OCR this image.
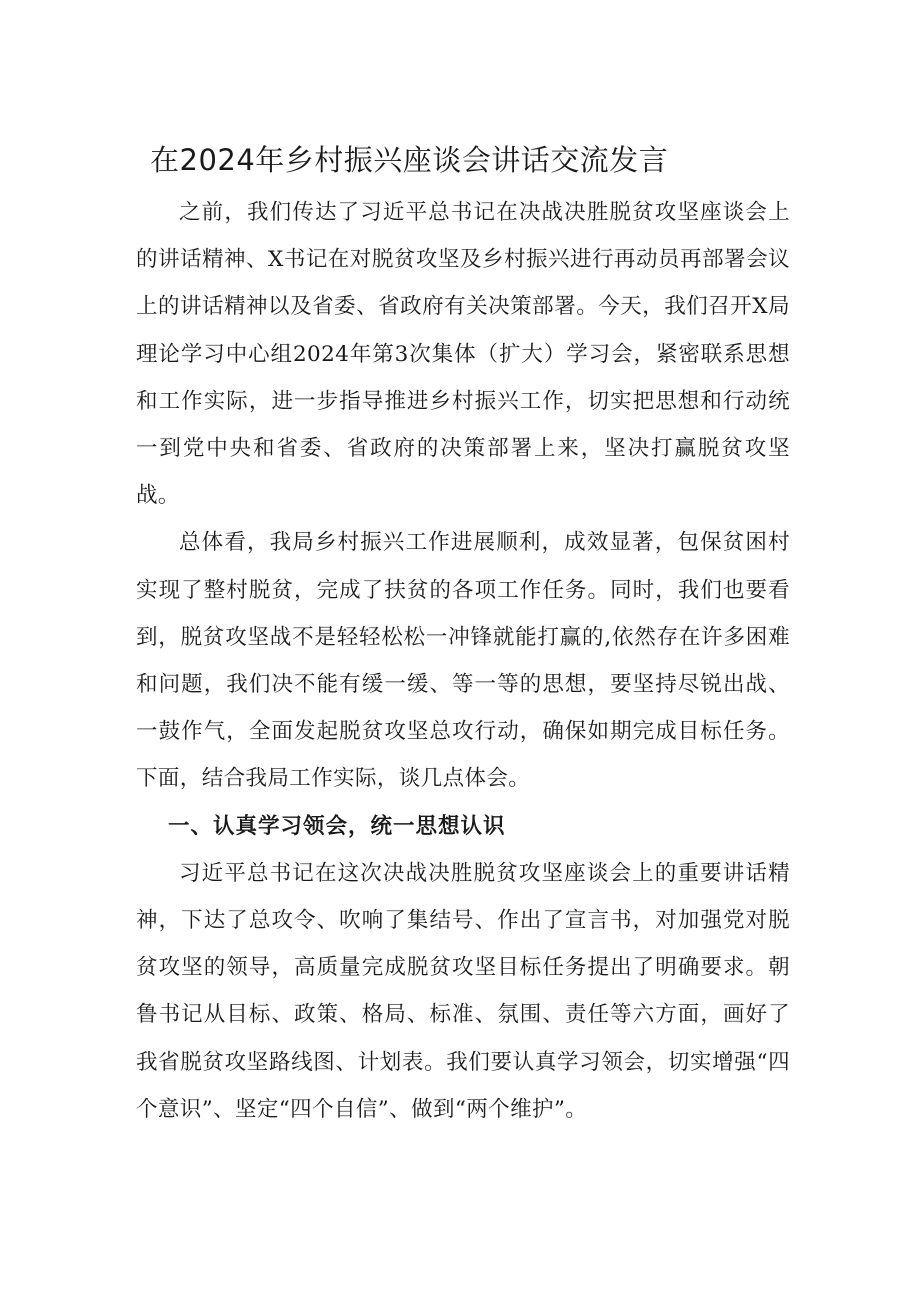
在2024年乡村振兴座谈会讲话交流发言

之前，我们传达了习近平总书记在决战决胜脱贫攻坚座谈会上的讲话精神、X书记在对脱贫攻坚及乡村振兴进行再动员再部署会议上的讲话精神以及省委、省政府有关决策部署。今天，我们召开X局理论学习中心组2024年第3次集体（扩大）学习会，紧密联系思想和工作实际，进一步指导推进乡村振兴工作，切实把思想和行动统一到党中央和省委、省政府的决策部署上来，坚决打赢脱贫攻坚战。

总体看，我局乡村振兴工作进展顺利，成效显著，包保贫困村实现了整村脱贫，完成了扶贫的各项工作任务。同时，我们也要看到，脱贫攻坚战不是轻轻松松一冲锋就能打赢的,依然存在许多困难和问题，我们决不能有缓一缓、等一等的思想，要坚持尽锐出战、一鼓作气，全面发起脱贫攻坚总攻行动，确保如期完成目标任务。下面，结合我局工作实际，谈几点体会。

一、认真学习领会，统一思想认识

习近平总书记在这次决战决胜脱贫攻坚座谈会上的重要讲话精神，下达了总攻令、吹响了集结号、作出了宣言书，对加强党对脱贫攻坚的领导，高质量完成脱贫攻坚目标任务提出了明确要求。朝鲁书记从目标、政策、格局、标准、氛围、责任等六方面，画好了我省脱贫攻坚路线图、计划表。我们要认真学习领会，切实增强“四个意识”、坚定“四个自信”、做到“两个维护”。
